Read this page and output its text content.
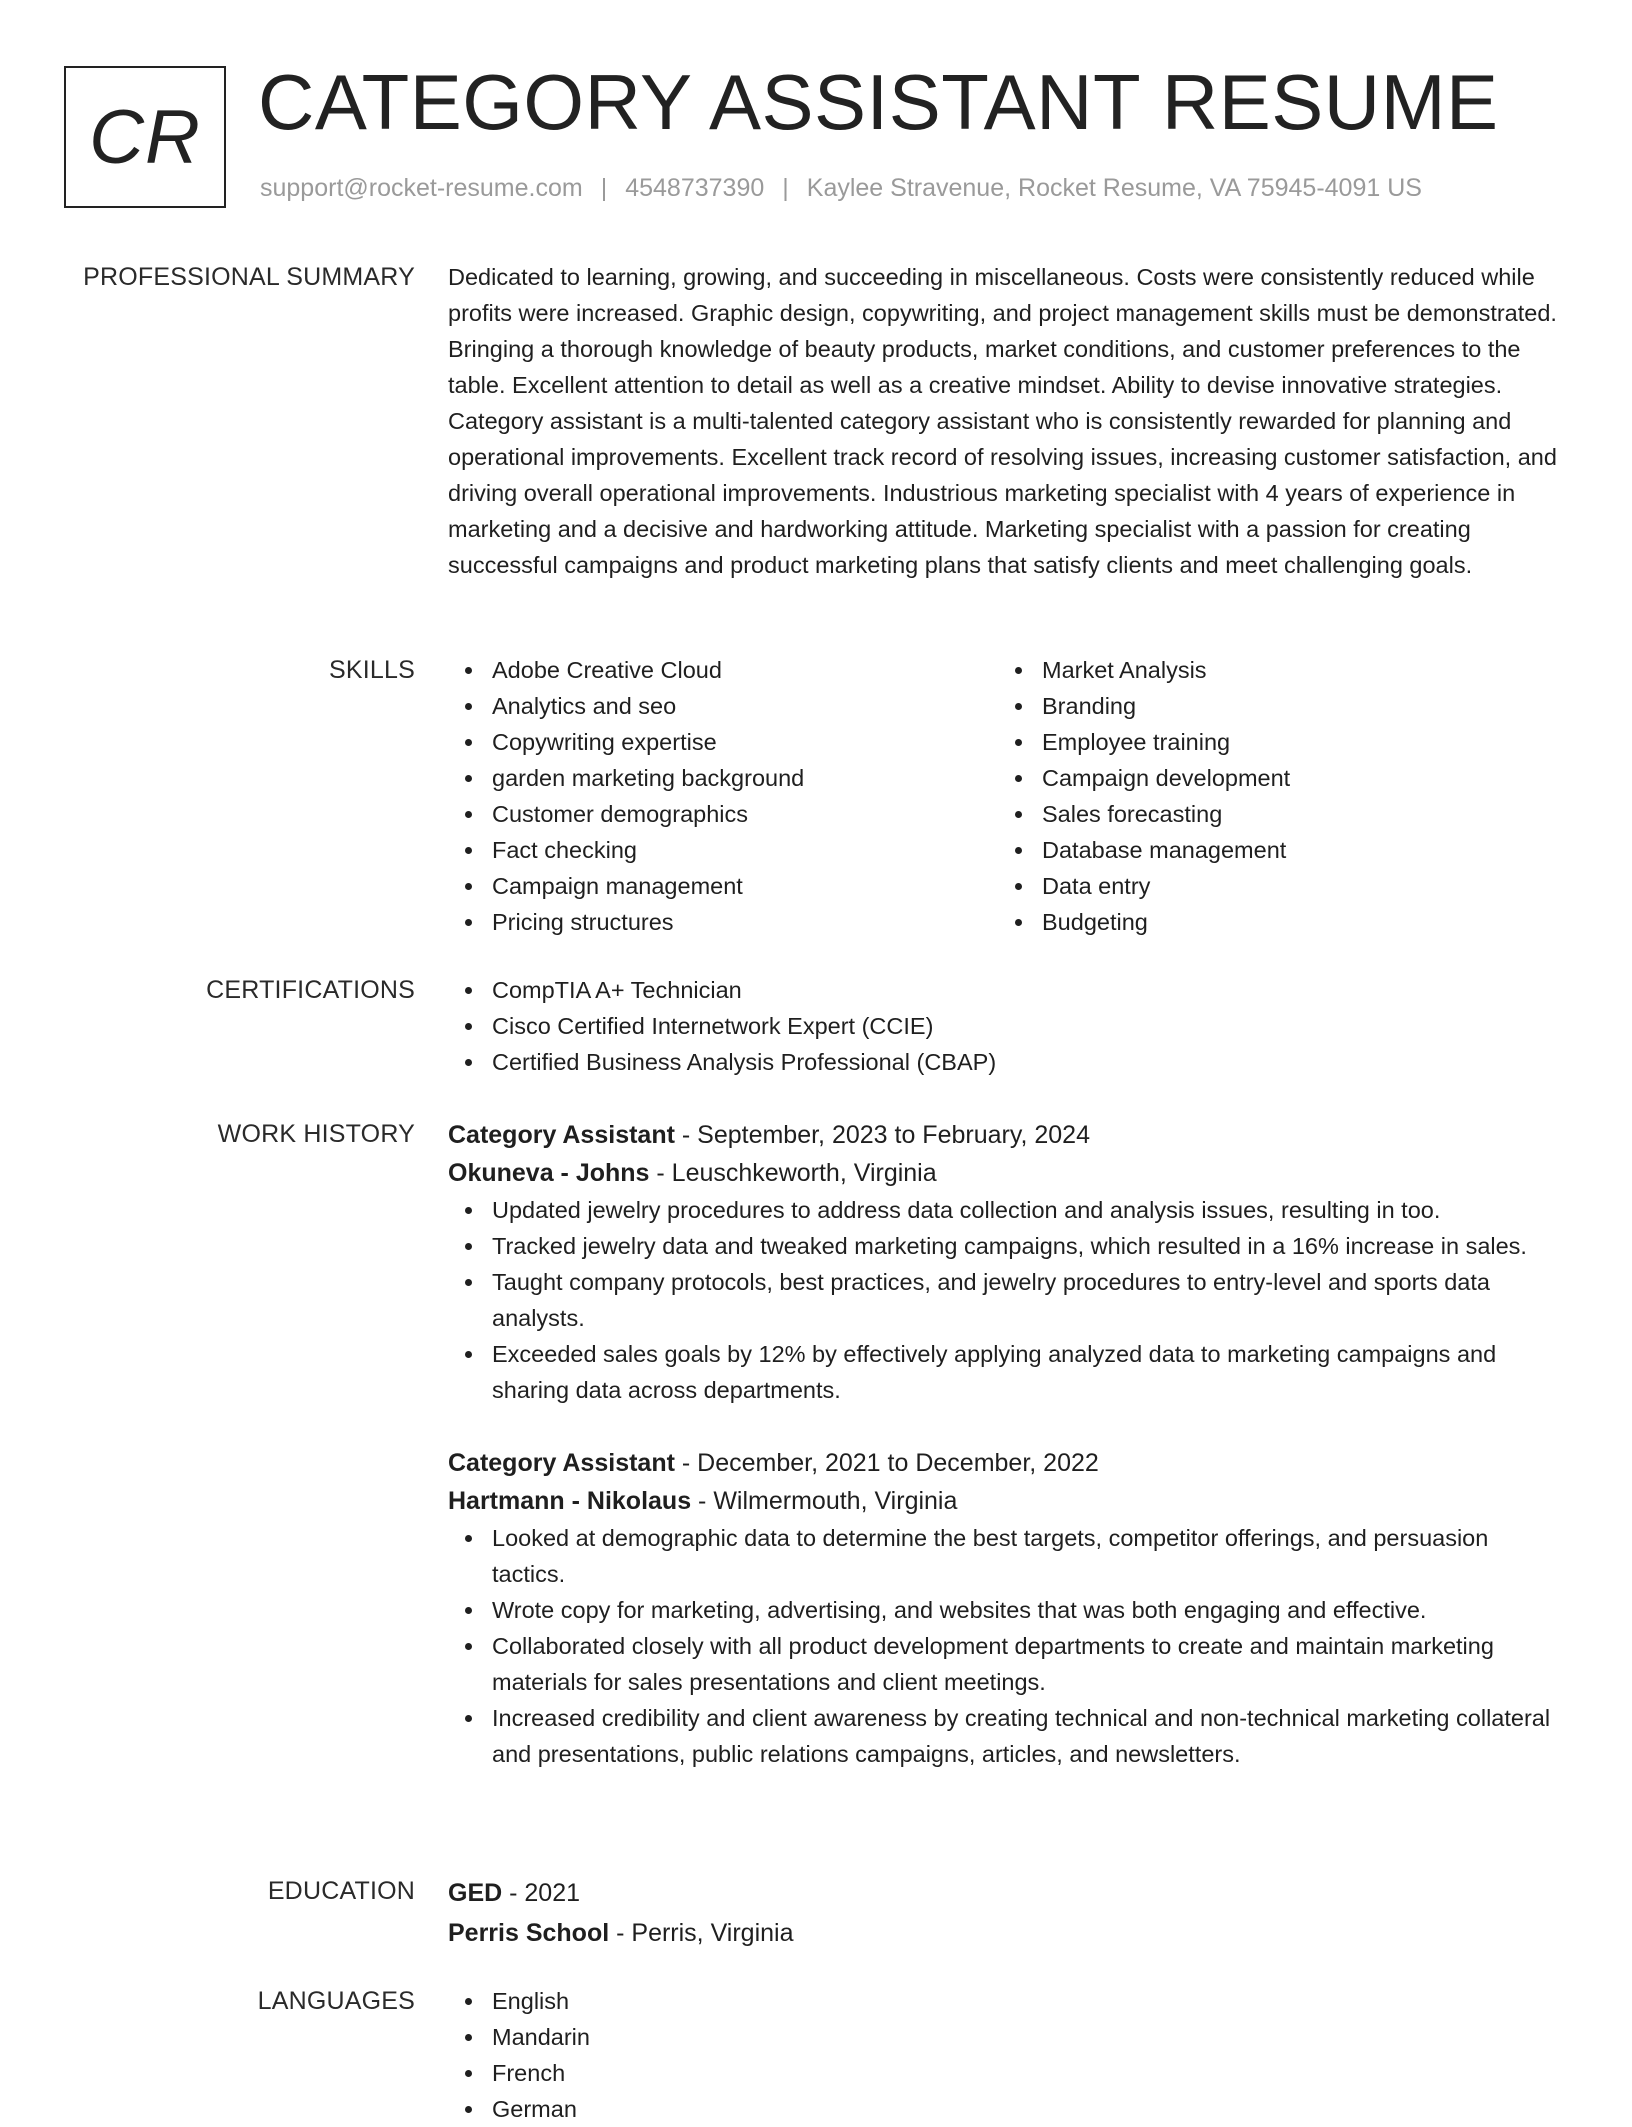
CR CATEGORY ASSISTANT RESUME
support@rocket-resume.com | 4548737390 | Kaylee Stravenue, Rocket Resume, VA 75945-4091 US
PROFESSIONAL SUMMARY Dedicated to learning, growing, and succeeding in miscellaneous. Costs were consistently reduced while profits were increased. Graphic design, copywriting, and project management skills must be demonstrated. Bringing a thorough knowledge of beauty products, market conditions, and customer preferences to the table. Excellent attention to detail as well as a creative mindset. Ability to devise innovative strategies. Category assistant is a multi-talented category assistant who is consistently rewarded for planning and operational improvements. Excellent track record of resolving issues, increasing customer satisfaction, and driving overall operational improvements. Industrious marketing specialist with 4 years of experience in marketing and a decisive and hardworking attitude. Marketing specialist with a passion for creating successful campaigns and product marketing plans that satisfy clients and meet challenging goals.

SKILLS	Adobe Creative Cloud
Analytics and seo
Copywriting expertise
garden marketing background
Customer demographics
Fact checking
Campaign management
Pricing structures
Market Analysis
Branding
Employee training
Campaign development
Sales forecasting
Database management
Data entry
Budgeting
CERTIFICATIONS	CompTIA A+ Technician
Cisco Certified Internetwork Expert (CCIE)
Certified Business Analysis Professional (CBAP)
WORK HISTORY Category Assistant - September, 2023 to February, 2024
Okuneva - Johns - Leuschkeworth, Virginia
Updated jewelry procedures to address data collection and analysis issues, resulting in too.
Tracked jewelry data and tweaked marketing campaigns, which resulted in a 16% increase in sales.
Taught company protocols, best practices, and jewelry procedures to entry-level and sports data analysts.
Exceeded sales goals by 12% by effectively applying analyzed data to marketing campaigns and sharing data across departments.
Category Assistant - December, 2021 to December, 2022
Hartmann - Nikolaus - Wilmermouth, Virginia
Looked at demographic data to determine the best targets, competitor offerings, and persuasion tactics.
Wrote copy for marketing, advertising, and websites that was both engaging and effective.
Collaborated closely with all product development departments to create and maintain marketing materials for sales presentations and client meetings.
Increased credibility and client awareness by creating technical and non-technical marketing collateral and presentations, public relations campaigns, articles, and newsletters.
EDUCATION GED - 2021
Perris School - Perris, Virginia
LANGUAGES	English
Mandarin
French
German
